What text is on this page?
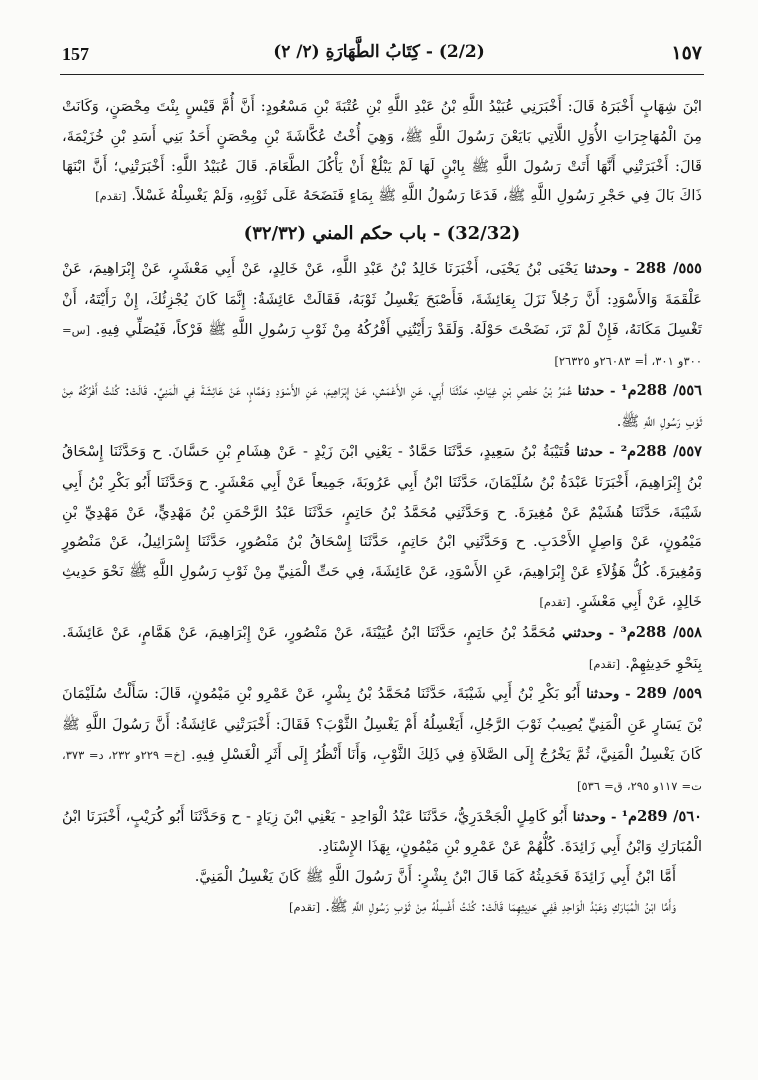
157	(2/2) - كِتَابُ الطَّهَارَةِ (٢/ ٢)	١٥٧

ابْنَ شِهَابٍ أَخْبَرَهُ قَالَ: أَخْبَرَنِي عُبَيْدُ اللَّهِ بْنُ عَبْدِ اللَّهِ بْنِ عُتْبَةَ بْنِ مَسْعُودٍ: أَنَّ أُمَّ قَيْسٍ بِنْتَ مِحْصَنٍ، وَكَانَتْ مِنَ الْمُهَاجِرَاتِ الأُوَلِ اللَّاتِي بَايَعْنَ رَسُولَ اللَّهِ ﷺ، وَهِيَ أُخْتُ عُكَّاشَةَ بْنِ مِحْصَنٍ أَحَدُ بَنِي أَسَدِ بْنِ خُزَيْمَةَ، قَالَ: أَخْبَرَتْنِي أَنَّهَا أَتَتْ رَسُولَ اللَّهِ ﷺ بِابْنٍ لَهَا لَمْ يَبْلُغْ أَنْ يَأْكُلَ الطَّعَامَ. قَالَ عُبَيْدُ اللَّهِ: أَخْبَرَتْنِي؛ أَنَّ ابْنَهَا ذَاكَ بَالَ فِي حَجْرِ رَسُولِ اللَّهِ ﷺ، فَدَعَا رَسُولُ اللَّهِ ﷺ بِمَاءٍ فَنَضَحَهُ عَلَى ثَوْبِهِ، وَلَمْ يَغْسِلْهُ غَسْلاً. [تقدم]

(32/32) - باب حكم المني (٣٢/٣٢)

٥٥٥/ 288 - وحدثنا يَحْيَى بْنُ يَحْيَى، أَخْبَرَنَا خَالِدُ بْنُ عَبْدِ اللَّهِ، عَنْ خَالِدٍ، عَنْ أَبِي مَعْشَرٍ، عَنْ إِبْرَاهِيمَ، عَنْ عَلْقَمَةَ وَالأَسْوَدِ: أَنَّ رَجُلاً نَزَلَ بِعَائِشَةَ، فَأَصْبَحَ يَغْسِلُ ثَوْبَهُ، فَقَالَتْ عَائِشَةُ: إِنَّمَا كَانَ يُجْزِئُكَ، إِنْ رَأَيْتَهُ، أَنْ تَغْسِلَ مَكَانَهُ، فَإِنْ لَمْ تَرَ، نَضَحْتَ حَوْلَهُ. وَلَقَدْ رَأَيْتُنِي أَفْرُكُهُ مِنْ ثَوْبِ رَسُولِ اللَّهِ ﷺ فَرْكاً، فَيُصَلِّي فِيهِ. [س= ٣٠٠و ٣٠١، أ= ٢٦٠٨٣و ٢٦٣٢٥]

٥٥٦/ 288م¹ - حدثنا عُمَرُ بْنُ حَفْصِ بْنِ غِيَاثٍ، حَدَّثَنَا أَبِي، عَنِ الأَعْمَشِ، عَنْ إِبْرَاهِيمَ، عَنِ الأَسْوَدِ وَهَمَّامٍ، عَنْ عَائِشَةَ فِي الْمَنِيِّ. قَالَتْ: كُنْتُ أَفْرُكُهُ مِنْ ثَوْبِ رَسُولِ اللَّهِ ﷺ.

٥٥٧/ 288م² - حدثنا قُتَيْبَةُ بْنُ سَعِيدٍ، حَدَّثَنَا حَمَّادٌ - يَعْنِي ابْنَ زَيْدٍ - عَنْ هِشَامِ بْنِ حَسَّانَ. ح وَحَدَّثَنَا إِسْحَاقُ بْنُ إِبْرَاهِيمَ، أَخْبَرَنَا عَبْدَةُ بْنُ سُلَيْمَانَ، حَدَّثَنَا ابْنُ أَبِي عَرُوبَةَ، جَمِيعاً عَنْ أَبِي مَعْشَرٍ. ح وَحَدَّثَنَا أَبُو بَكْرِ بْنُ أَبِي شَيْبَةَ، حَدَّثَنَا هُشَيْمٌ عَنْ مُغِيرَةَ. ح وَحَدَّثَنِي مُحَمَّدُ بْنُ حَاتِمٍ، حَدَّثَنَا عَبْدُ الرَّحْمَنِ بْنُ مَهْدِيٍّ، عَنْ مَهْدِيِّ بْنِ مَيْمُونٍ، عَنْ وَاصِلٍ الأَحْدَبِ. ح وَحَدَّثَنِي ابْنُ حَاتِمٍ، حَدَّثَنَا إِسْحَاقُ بْنُ مَنْصُورٍ، حَدَّثَنَا إِسْرَائِيلُ، عَنْ مَنْصُورٍ وَمُغِيرَةَ. كُلُّ هَؤُلاَءِ عَنْ إِبْرَاهِيمَ، عَنِ الأَسْوَدِ، عَنْ عَائِشَةَ، فِي حَتِّ الْمَنِيِّ مِنْ ثَوْبِ رَسُولِ اللَّهِ ﷺ نَحْوَ حَدِيثِ خَالِدٍ، عَنْ أَبِي مَعْشَرٍ. [تقدم]

٥٥٨/ 288م³ - وحدثني مُحَمَّدُ بْنُ حَاتِمٍ، حَدَّثَنَا ابْنُ عُيَيْنَةَ، عَنْ مَنْصُورٍ، عَنْ إِبْرَاهِيمَ، عَنْ هَمَّامٍ، عَنْ عَائِشَةَ. بِنَحْوِ حَدِيثِهِمْ. [تقدم]

٥٥٩/ 289 - وحدثنا أَبُو بَكْرِ بْنُ أَبِي شَيْبَةَ، حَدَّثَنَا مُحَمَّدُ بْنُ بِشْرٍ، عَنْ عَمْرِو بْنِ مَيْمُونٍ، قَالَ: سَأَلْتُ سُلَيْمَانَ بْنَ يَسَارٍ عَنِ الْمَنِيِّ يُصِيبُ ثَوْبَ الرَّجُلِ، أَيَغْسِلُهُ أَمْ يَغْسِلُ الثَّوْبَ؟ فَقَالَ: أَخْبَرَتْنِي عَائِشَةُ: أَنَّ رَسُولَ اللَّهِ ﷺ كَانَ يَغْسِلُ الْمَنِيَّ، ثُمَّ يَخْرُجُ إِلَى الصَّلاَةِ فِي ذَلِكَ الثَّوْبِ، وَأَنَا أَنْظُرُ إِلَى أَثَرِ الْغَسْلِ فِيهِ. [خ= ٢٢٩و ٢٣٢، د= ٣٧٣، ت= ١١٧و ٢٩٥، ق= ٥٣٦]

٥٦٠/ 289م¹ - وحدثنا أَبُو كَامِلٍ الْجَحْدَرِيُّ، حَدَّثَنَا عَبْدُ الْوَاحِدِ - يَعْنِي ابْنَ زِيَادٍ - ح وَحَدَّثَنَا أَبُو كُرَيْبٍ، أَخْبَرَنَا ابْنُ الْمُبَارَكِ وَابْنُ أَبِي زَائِدَةَ. كُلُّهُمْ عَنْ عَمْرِو بْنِ مَيْمُونٍ، بِهَذَا الإِسْنَادِ.

أَمَّا ابْنُ أَبِي زَائِدَةَ فَحَدِيثُهُ كَمَا قَالَ ابْنُ بِشْرٍ: أَنَّ رَسُولَ اللَّهِ ﷺ كَانَ يَغْسِلُ الْمَنِيَّ.

وَأَمَّا ابْنُ الْمُبَارَكِ وَعَبْدُ الْوَاحِدِ فَفِي حَدِيثِهِمَا قَالَتْ: كُنْتُ أَغْسِلُهُ مِنْ ثَوْبِ رَسُولِ اللَّهِ ﷺ. [تقدم]
